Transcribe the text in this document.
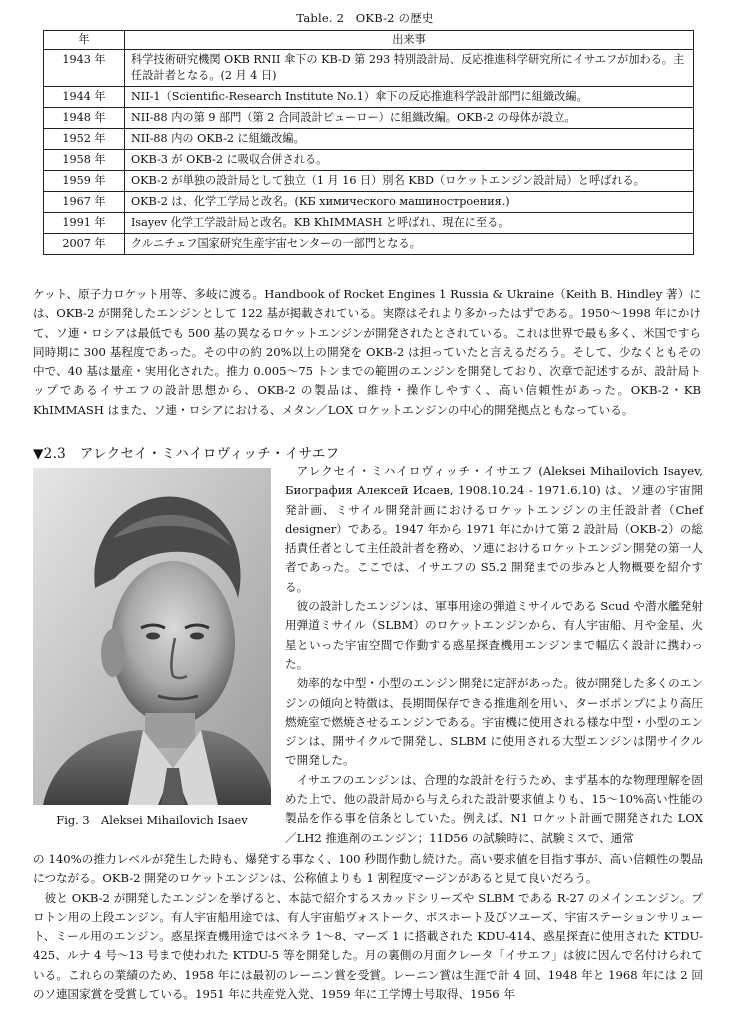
Table. 2　OKB-2 の歴史
年	出来事
1943 年	科学技術研究機関 OKB RNII 傘下の KB-D 第 293 特別設計局、反応推進科学研究所にイサエフが加わる。主任設計者となる。(2 月 4 日)
1944 年	NII-1（Scientific-Research Institute No.1）傘下の反応推進科学設計部門に組織改編。
1948 年	NII-88 内の第 9 部門（第 2 合同設計ビューロー）に組織改編。OKB-2 の母体が設立。
1952 年	NII-88 内の OKB-2 に組織改編。
1958 年	OKB-3 が OKB-2 に吸収合併される。
1959 年	OKB-2 が単独の設計局として独立（1 月 16 日）別名 KBD（ロケットエンジン設計局）と呼ばれる。
1967 年	OKB-2 は、化学工学局と改名。(КБ химического машиностроения.)
1991 年	Isayev 化学工学設計局と改名。KB KhIMMASH と呼ばれ、現在に至る。
2007 年	クルニチェフ国家研究生産宇宙センターの一部門となる。

ケット、原子力ロケット用等、多岐に渡る。Handbook of Rocket Engines 1 Russia & Ukraine（Keith B. Hindley 著）には、OKB-2 が開発したエンジンとして 122 基が掲載されている。実際はそれより多かったはずである。1950～1998 年にかけて、ソ連・ロシアは最低でも 500 基の異なるロケットエンジンが開発されたとされている。これは世界で最も多く、米国ですら同時期に 300 基程度であった。その中の約 20%以上の開発を OKB-2 は担っていたと言えるだろう。そして、少なくともその中で、40 基は量産・実用化された。推力 0.005～75 トンまでの範囲のエンジンを開発しており、次章で記述するが、設計局トップであるイサエフの設計思想から、OKB-2 の製品は、維持・操作しやすく、高い信頼性があった。OKB-2・KB KhIMMASH はまた、ソ連・ロシアにおける、メタン／LOX ロケットエンジンの中心的開発拠点ともなっている。

▼2.3　アレクセイ・ミハイロヴィッチ・イサエフ
Fig. 3　Aleksei Mihailovich Isaev

アレクセイ・ミハイロヴィッチ・イサエフ (Aleksei Mihailovich Isayev, Биография Алексей Исаев, 1908.10.24 - 1971.6.10) は、ソ連の宇宙開発計画、ミサイル開発計画におけるロケットエンジンの主任設計者（Chef designer）である。1947 年から 1971 年にかけて第 2 設計局（OKB-2）の総括責任者として主任設計者を務め、ソ連におけるロケットエンジン開発の第一人者であった。ここでは、イサエフの S5.2 開発までの歩みと人物概要を紹介する。

彼の設計したエンジンは、軍事用途の弾道ミサイルである Scud や潜水艦発射用弾道ミサイル（SLBM）のロケットエンジンから、有人宇宙船、月や金星、火星といった宇宙空間で作動する惑星探査機用エンジンまで幅広く設計に携わった。

効率的な中型・小型のエンジン開発に定評があった。彼が開発した多くのエンジンの傾向と特徴は、長期間保存できる推進剤を用い、ターボポンプにより高圧燃焼室で燃焼させるエンジンである。宇宙機に使用される様な中型・小型のエンジンは、開サイクルで開発し、SLBM に使用される大型エンジンは閉サイクルで開発した。

イサエフのエンジンは、合理的な設計を行うため、まず基本的な物理理解を固めた上で、他の設計局から与えられた設計要求値よりも、15～10%高い性能の製品を作る事を信条としていた。例えば、N1 ロケット計画で開発された LOX／LH2 推進剤のエンジン；11D56 の試験時に、試験ミスで、通常

の 140%の推力レベルが発生した時も、爆発する事なく、100 秒間作動し続けた。高い要求値を目指す事が、高い信頼性の製品につながる。OKB-2 開発のロケットエンジンは、公称値よりも 1 割程度マージンがあると見て良いだろう。

彼と OKB-2 が開発したエンジンを挙げると、本誌で紹介するスカッドシリーズや SLBM である R-27 のメインエンジン。プロトン用の上段エンジン。有人宇宙船用途では、有人宇宙船ヴォストーク、ボスホート及びソユーズ、宇宙ステーションサリュート、ミール用のエンジン。惑星探査機用途ではベネラ 1～8、マーズ 1 に搭載された KDU-414、惑星探査に使用された KTDU-425、ルナ 4 号～13 号まで使われた KTDU-5 等を開発した。月の裏側の月面クレータ「イサエフ」は彼に因んで名付けられている。これらの業績のため、1958 年には最初のレーニン賞を受賞。レーニン賞は生涯で計 4 回、1948 年と 1968 年には 2 回のソ連国家賞を受賞している。1951 年に共産党入党、1959 年に工学博士号取得、1956 年
